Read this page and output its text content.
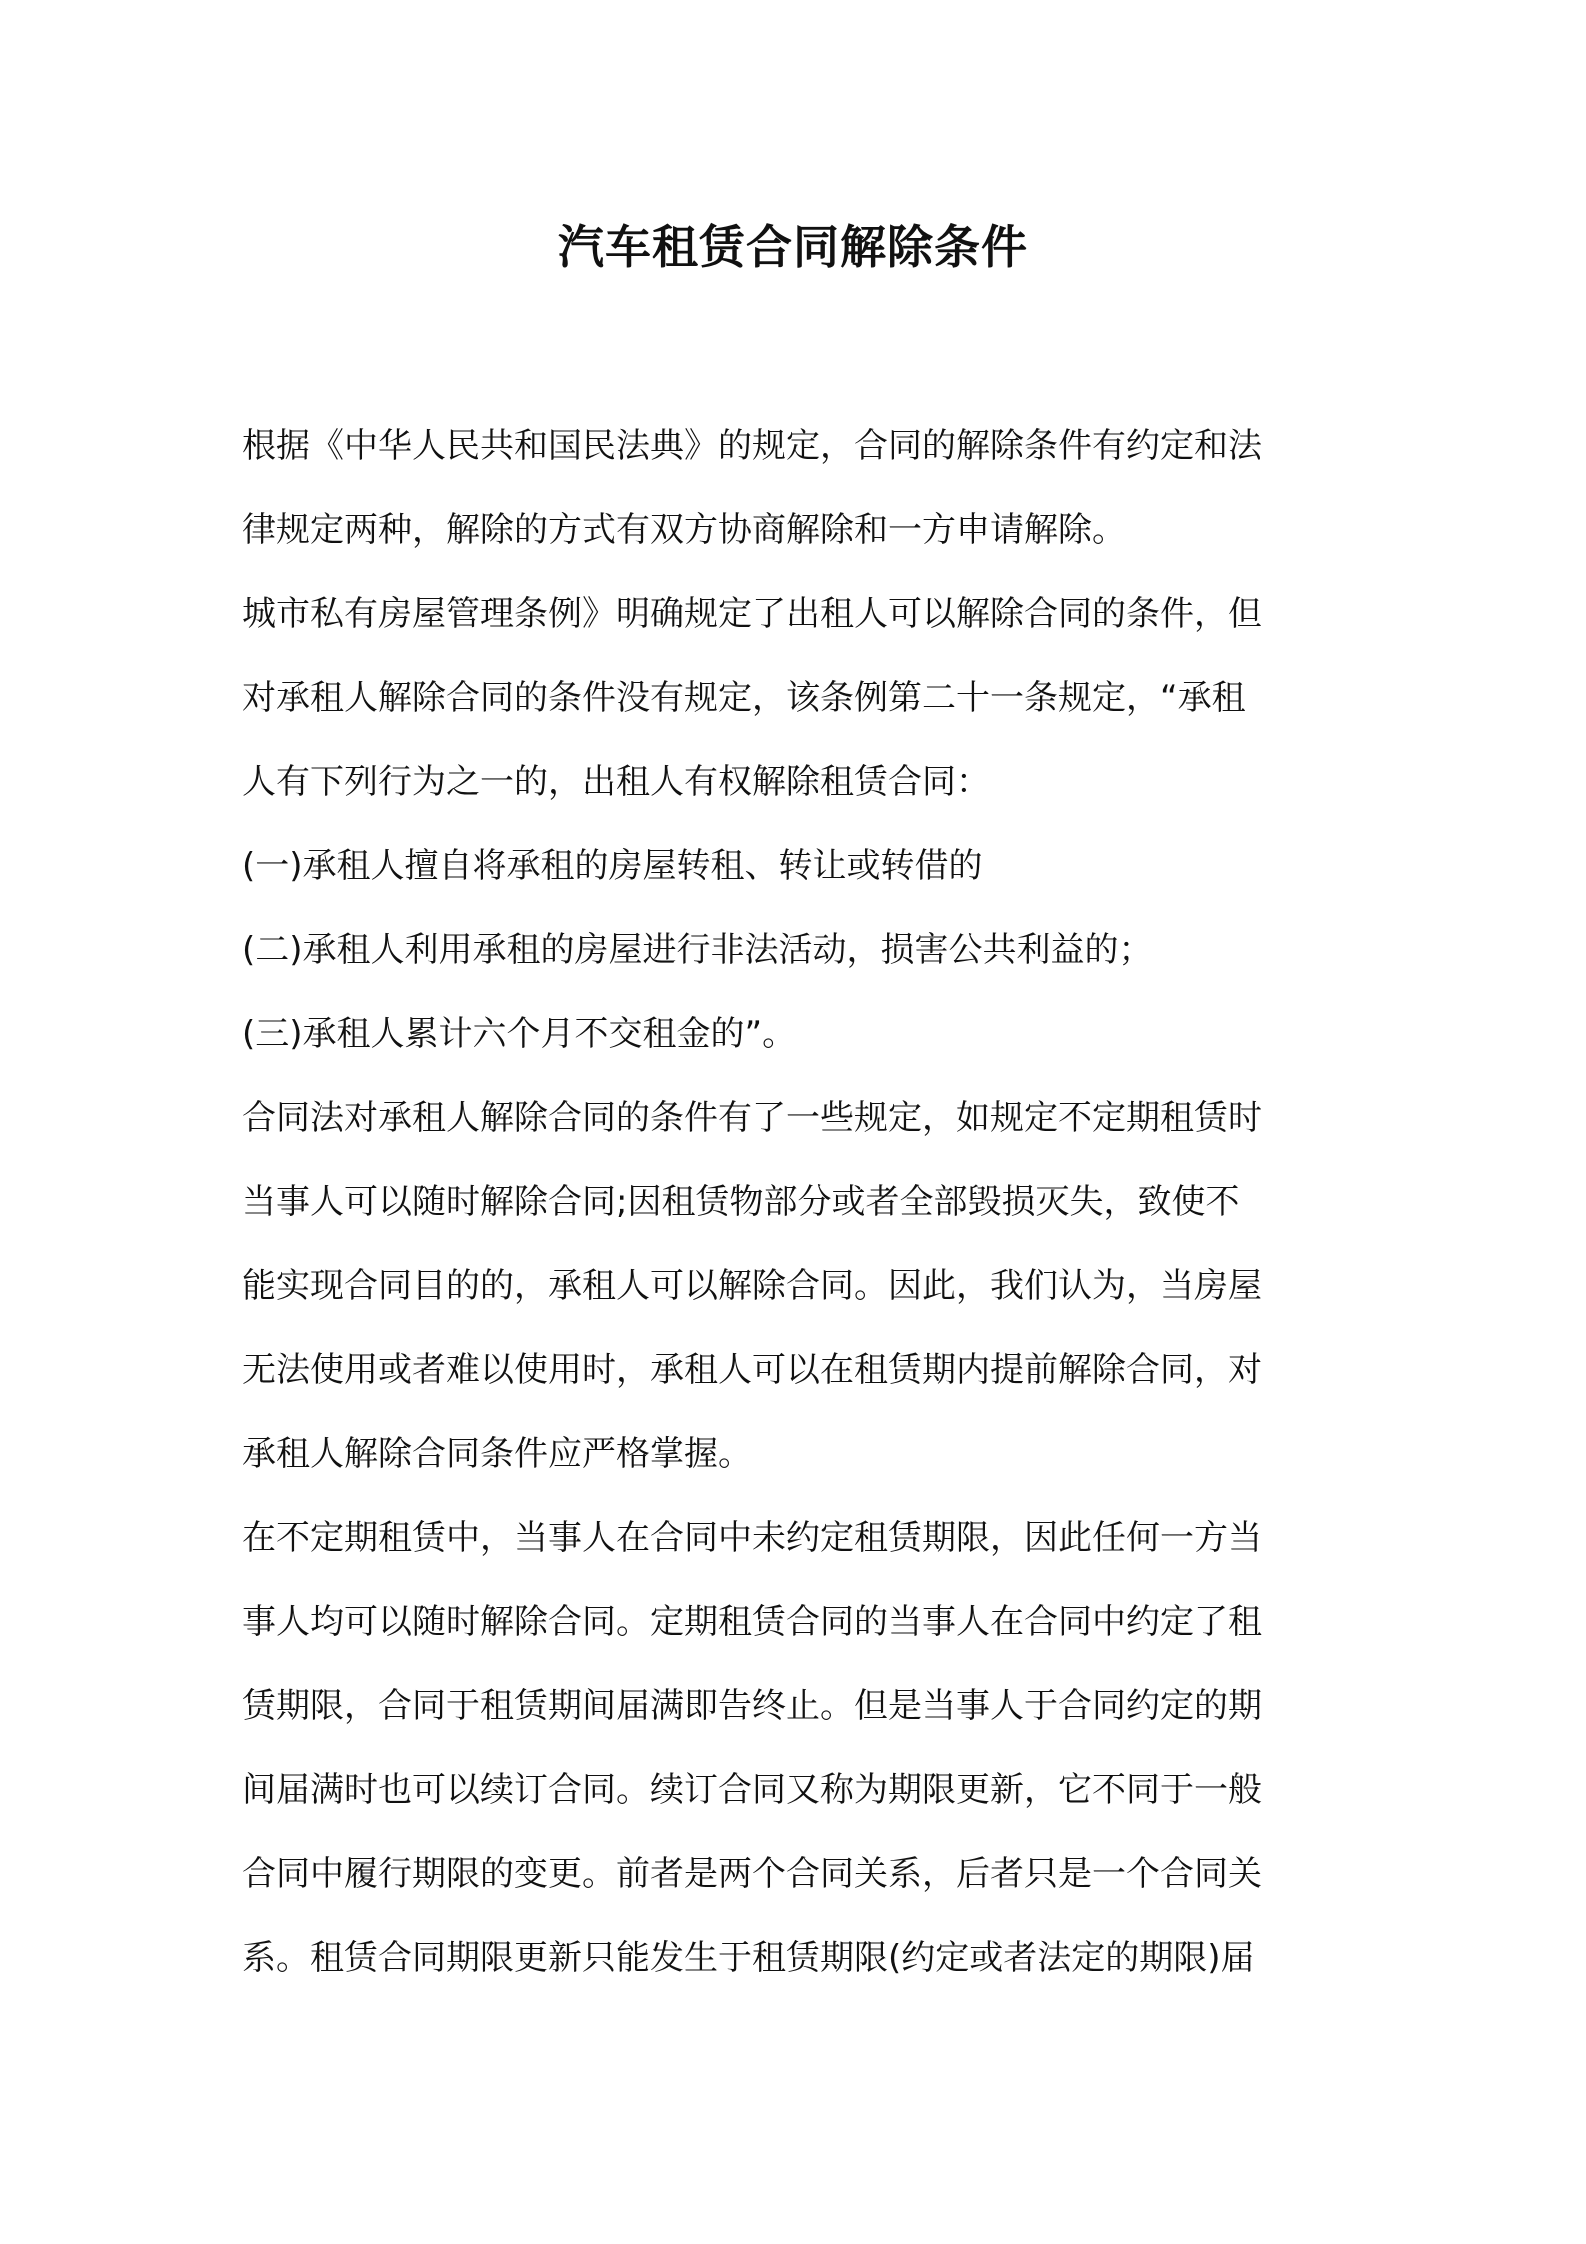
汽车租赁合同解除条件
根据《中华人民共和国民法典》的规定，合同的解除条件有约定和法
律规定两种，解除的方式有双方协商解除和一方申请解除。
城市私有房屋管理条例》明确规定了出租人可以解除合同的条件，但
对承租人解除合同的条件没有规定，该条例第二十一条规定，“承租
人有下列行为之一的，出租人有权解除租赁合同：
(一)承租人擅自将承租的房屋转租、转让或转借的
(二)承租人利用承租的房屋进行非法活动，损害公共利益的；
(三)承租人累计六个月不交租金的”。
合同法对承租人解除合同的条件有了一些规定，如规定不定期租赁时
当事人可以随时解除合同;因租赁物部分或者全部毁损灭失，致使不
能实现合同目的的，承租人可以解除合同。因此，我们认为，当房屋
无法使用或者难以使用时，承租人可以在租赁期内提前解除合同，对
承租人解除合同条件应严格掌握。
在不定期租赁中，当事人在合同中未约定租赁期限，因此任何一方当
事人均可以随时解除合同。定期租赁合同的当事人在合同中约定了租
赁期限，合同于租赁期间届满即告终止。但是当事人于合同约定的期
间届满时也可以续订合同。续订合同又称为期限更新，它不同于一般
合同中履行期限的变更。前者是两个合同关系，后者只是一个合同关
系。租赁合同期限更新只能发生于租赁期限(约定或者法定的期限)届
